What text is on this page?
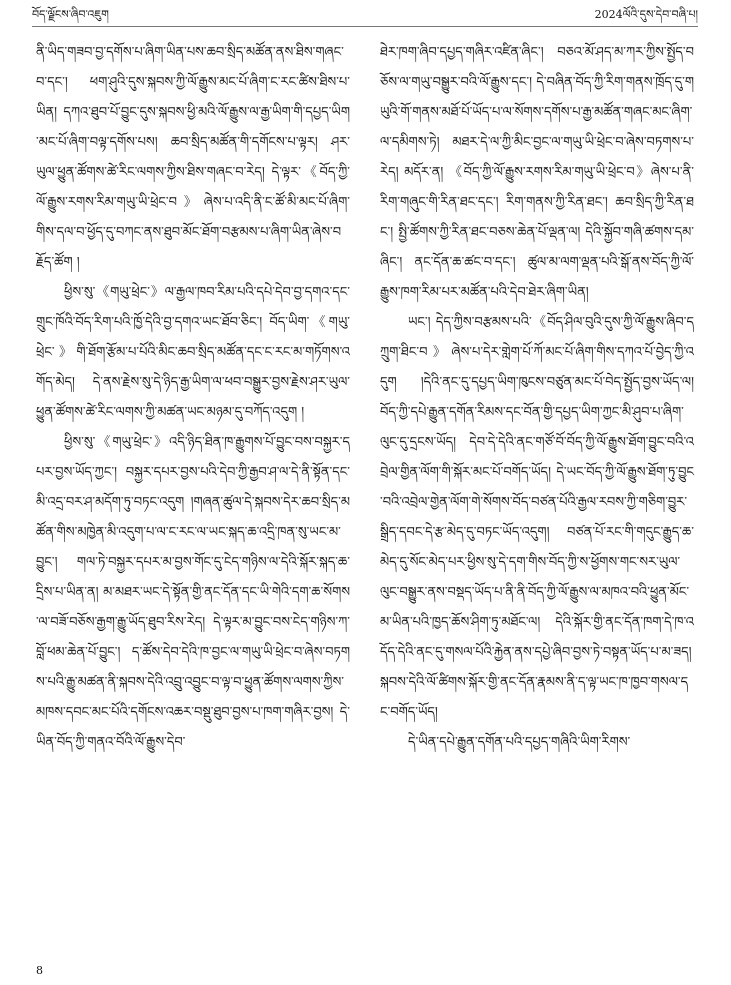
བོད་ལྗོངས་ཞིབ་འཇུག	2024ལོའི་དུས་དེབ་བཞི་པ།

ནི་ཡིད་གཟབ་བྱ་དགོས་པ་ཞིག་ཡིན་པས་ཆབ་སྲིད་མཚོན་ནས་ཐིས་གཞང་བ་དང་། ཕག་ཤུའི་དུས་སྐབས་ཀྱི་ལོ་རྒྱུས་མང་པོ་ཞིག་ང་རང་ཚིས་ཐིས་པ་ཡིན། དཀའ་ཐུབ་པོ་བྱུང་དུས་སྐབས་ཕྱི་མའི་ལོ་རྒྱུས་ལ་རྒྱ་ཡིག་གི་དཔྱད་ཡིག་མང་པོ་ཞིག་བལྟ་དགོས་པས། ཆབ་སྲིད་མཚོན་གི་དགོངས་པ་ལྟར། ཤར་ཡུལ་ཕྱུན་ཚོགས་ཚེ་རིང་ལགས་ཀྱིས་ཐིས་གཞང་བ་རེད། དེ་ལྟར་《བོད་ཀྱི་ལོ་རྒྱུས་རགས་རིམ་གཡུ་ཡི་ཕྲེང་བ》ཞེས་པ་འདི་ནི་ང་ཚོ་མི་མང་པོ་ཞིག་གིས་དལ་བ་ཕྱོད་དུ་བཀང་ནས་ཐུབ་མོང་ཐོག་བརྩམས་པ་ཞིག་ཡིན་ཞེས་བརྗོད་ཚོག །

ཕྱིས་སུ་《གཡུ་ཕྲེང་》ལ་རྒྱལ་ཁབ་རིམ་པའི་དཔེ་དེབ་བྱ་དགའ་དང་གྲུང་ཁོའི་བོད་རིག་པའི་ཁྱོ་དེའི་བྱ་དགའ་ཡང་ཐོབ་ཅིང་། བོད་ཡིག་《གཡུ་ཕྲེང་》གི་ཐོག་རྩོམ་པ་པོའི་མིང་ཆབ་སྲིད་མཚོན་དང་ང་རང་མ་གཏོགས་འགོད་མེད། དེ་ནས་རྗེས་སུ་དེ་ཉིད་རྒྱ་ཡིག་ལ་ཕབ་བསྒྱུར་བྱས་རྗེས་ཤར་ཡུལ་ཕྱུན་ཚོགས་ཚེ་རིང་ལགས་ཀྱི་མཚན་ཡང་མཉམ་དུ་བཀོད་འདུག །

ཕྱིས་སུ་《གཡུ་ཕྲེང་》འདི་ཉིད་ཐིན་ཁ་རྒྱུགས་པོ་བྱུང་བས་བསྐྱར་དཔར་བྱས་ཡོད་ཀྱང་། བསྐྱར་དཔར་བྱས་པའི་དེབ་ཀྱི་རྒྱབ་ཤ་ལ་དེ་ནི་སྟོན་དང་མི་འདྲ་བར་ཤ་མདོག་ཏུ་བཏང་འདུག །གཞན་ཚུལ་དེ་སྐབས་དེར་ཆབ་སྲིད་མཚོན་གིས་མཁྱེན་མི་འདུག་པ་ལ་ང་རང་ལ་ཡང་སྐད་ཆ་འདྲི་ཁན་སུ་ཡང་མ་བྱུང་། གལ་ཏེ་བསྐྱར་དཔར་མ་བྱས་གོང་དུ་ངེད་གཉིས་ལ་དེའི་སྐོར་སྐད་ཆ་དྲིས་པ་ཡིན་ན། མ་མཐར་ཡང་དེ་སྟོན་གྱི་ནང་དོན་དང་ཡི་གེའི་དག་ཆ་སོགས་ལ་བཟོ་བཅོས་རྒྱག་རྒྱུ་ཡོད་ཐུབ་རིས་རེད། དེ་ལྟར་མ་བྱུང་བས་ངེད་གཉིས་ཀ་བློ་ཕམ་ཆེན་པོ་བྱུང་། ད་ཚོས་དེབ་དེའི་ཁ་བྱང་ལ་གཡུ་ཡི་ཕྲེང་བ་ཞེས་བཏགས་པའི་རྒྱུ་མཚན་ནི་སྐབས་དེའི་འབྲུ་འབྱུང་བ་ལྟ་བ་ཕྱུན་ཚོགས་ལགས་ཀྱིས་མཁས་དབང་མང་པོའི་དགོངས་འཆར་བསྡུ་ཐུབ་བྱས་པ་ཁག་གཞིར་བྱས། དེ་ཡིན་བོད་ཀྱི་གནའ་བོའི་ལོ་རྒྱུས་དེབ་

ཐེར་ཁག་ཞིབ་དཔྱད་གཞིར་འཛིན་ཞིང་། བཅའ་མོ་ཤད་མ་ཀར་ཀྱིས་སྤྱོད་བཅོས་ལ་གཡུ་བསྒྱུར་བའི་ལོ་རྒྱུས་དང་། དེ་བཞིན་བོད་ཀྱི་རིག་གནས་ཁྲོད་དུ་གཡུའི་གོ་གནས་མཐོ་པོ་ཡོད་པ་ལ་སོགས་དགོས་པ་རྒྱ་མཚོན་གཞང་མང་ཞིག་ལ་དམིགས་ཏེ། མཐར་དེ་ལ་ཀྱི་མིང་བྱང་ལ་གཡུ་ཡི་ཕྲེང་བ་ཞེས་བཏགས་པ་རེད། མདོར་ན། 《བོད་ཀྱི་ལོ་རྒྱུས་རགས་རིམ་གཡུ་ཡི་ཕྲེང་བ》ཞེས་པ་ནི་རིག་གཞུང་གི་རིན་ཐང་དང་། རིག་གནས་ཀྱི་རིན་ཐང་། ཆབ་སྲིད་ཀྱི་རིན་ཐང་། སྤྱི་ཚོགས་ཀྱི་རིན་ཐང་བཅས་ཆེན་པོ་ལྡན་ལ། དེའི་སྐྱོབ་གཞི་ཚགས་དམ་ཞིང་། ནང་དོན་ཆ་ཚང་བ་དང་། ཚུལ་མ་ལག་ལྡན་པའི་སྒོ་ནས་བོད་ཀྱི་ལོ་རྒྱུས་ཁག་རིམ་པར་མཚོན་པའི་དེབ་ཐེར་ཞིག་ཡིན།

ཡང་། དེད་ཀྱིས་བརྩམས་པའི་《བོད་ཤིལ་བུའི་དུས་ཀྱི་ལོ་རྒྱུས་ཞིབ་དཀྲུག་ཐིང་བ》ཞེས་པ་དེར་གླེག་པོ་ཀོ་མང་པོ་ཞིག་གིས་དཀའ་པོ་བྱེད་ཀྱི་འདུག །དེའི་ནང་དུ་དཔྱད་ཡིག་ཁུངས་བཙུན་མང་པོ་བེད་སྤྱོད་བྱས་ཡོད་ལ། བོད་ཀྱི་དཔེ་རྒྱུན་དགོན་རིམས་དང་བོན་གྱི་དཔྱད་ཡིག་ཀྱང་མི་ཤུབ་པ་ཞིག་ལུང་དུ་དྲངས་ཡོད། དེབ་དེ་དེའི་ནང་གཙོ་བོ་བོད་ཀྱི་ལོ་རྒྱུས་ཐོག་བྱུང་བའི་འབྲེལ་གྱིན་ལོག་གི་སྐོར་མང་པོ་བགོད་ཡོད། དེ་ཡང་བོད་ཀྱི་ལོ་རྒྱུས་ཐོག་ཏུ་བྱུང་བའི་འབྲེལ་གྱེན་ལོག་གེ་སོགས་བོད་བཙན་པོའི་རྒྱལ་རབས་ཀྱི་གཅིག་བྱུར་སྒྲིད་དབང་དེ་རྩ་མེད་དུ་བཏང་ཡོད་འདུག། བཙན་པོ་རང་གི་གདུང་རྒྱུད་ཆ་མེད་དུ་སོང་མེད་པར་ཕྱིས་སུ་དེ་དག་གིས་བོད་ཀྱི་ས་ཕྱོགས་གང་སར་ཡུལ་ལུང་བསྒྱུར་ནས་བསྡད་ཡོད་པ་ནི་ནི་བོད་ཀྱི་ལོ་རྒྱུས་ལ་མཁའ་བའི་ཕྱུན་མོང་མ་ཡིན་པའི་ཁྱད་ཆོས་ཤིག་ཏུ་མཐོང་ལ། དེའི་སྐོར་གྱི་ནང་དོན་ཁག་དེ་ཁ་འདོད་དེའི་ནང་དུ་གསལ་པོའི་རྐྱེན་ནས་དཔྱེ་ཞིབ་བྱས་ཏེ་བསྟན་ཡོད་པ་མ་ཟད། སྐབས་དེའི་ལོ་ཚིགས་སྐོར་གྱི་ནང་དོན་རྣམས་ནི་ད་ལྟ་ཡང་ཁ་ཁྱབ་གསལ་དང་བགོད་ཡོད།

དེ་ཡིན་དཔེ་རྒྱུན་དགོན་པའི་དཔྱད་གཞིའི་ཡིག་རིགས་

8
